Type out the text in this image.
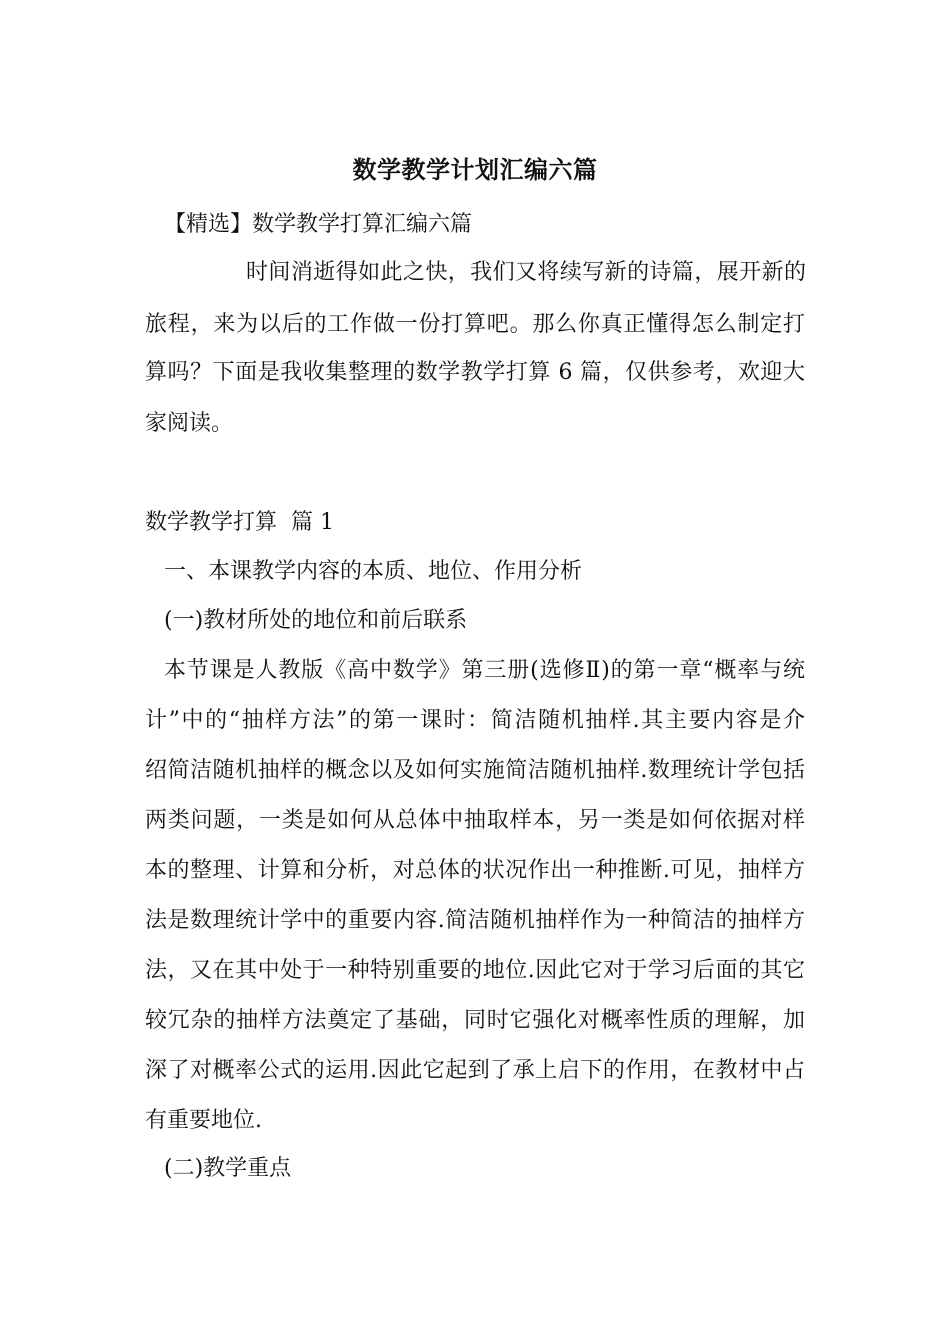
数学教学计划汇编六篇
【精选】数学教学打算汇编六篇
时间消逝得如此之快，我们又将续写新的诗篇，展开新的
旅程，来为以后的工作做一份打算吧。那么你真正懂得怎么制定打
算吗？下面是我收集整理的数学教学打算 6 篇，仅供参考，欢迎大
家阅读。
数学教学打算  篇 1
一、本课教学内容的本质、地位、作用分析
(一)教材所处的地位和前后联系
本节课是人教版《高中数学》第三册(选修Ⅱ)的第一章“概率与统
计”中的“抽样方法”的第一课时：简洁随机抽样.其主要内容是介
绍简洁随机抽样的概念以及如何实施简洁随机抽样.数理统计学包括
两类问题，一类是如何从总体中抽取样本，另一类是如何依据对样
本的整理、计算和分析，对总体的状况作出一种推断.可见，抽样方
法是数理统计学中的重要内容.简洁随机抽样作为一种简洁的抽样方
法，又在其中处于一种特别重要的地位.因此它对于学习后面的其它
较冗杂的抽样方法奠定了基础，同时它强化对概率性质的理解，加
深了对概率公式的运用.因此它起到了承上启下的作用，在教材中占
有重要地位.
(二)教学重点
